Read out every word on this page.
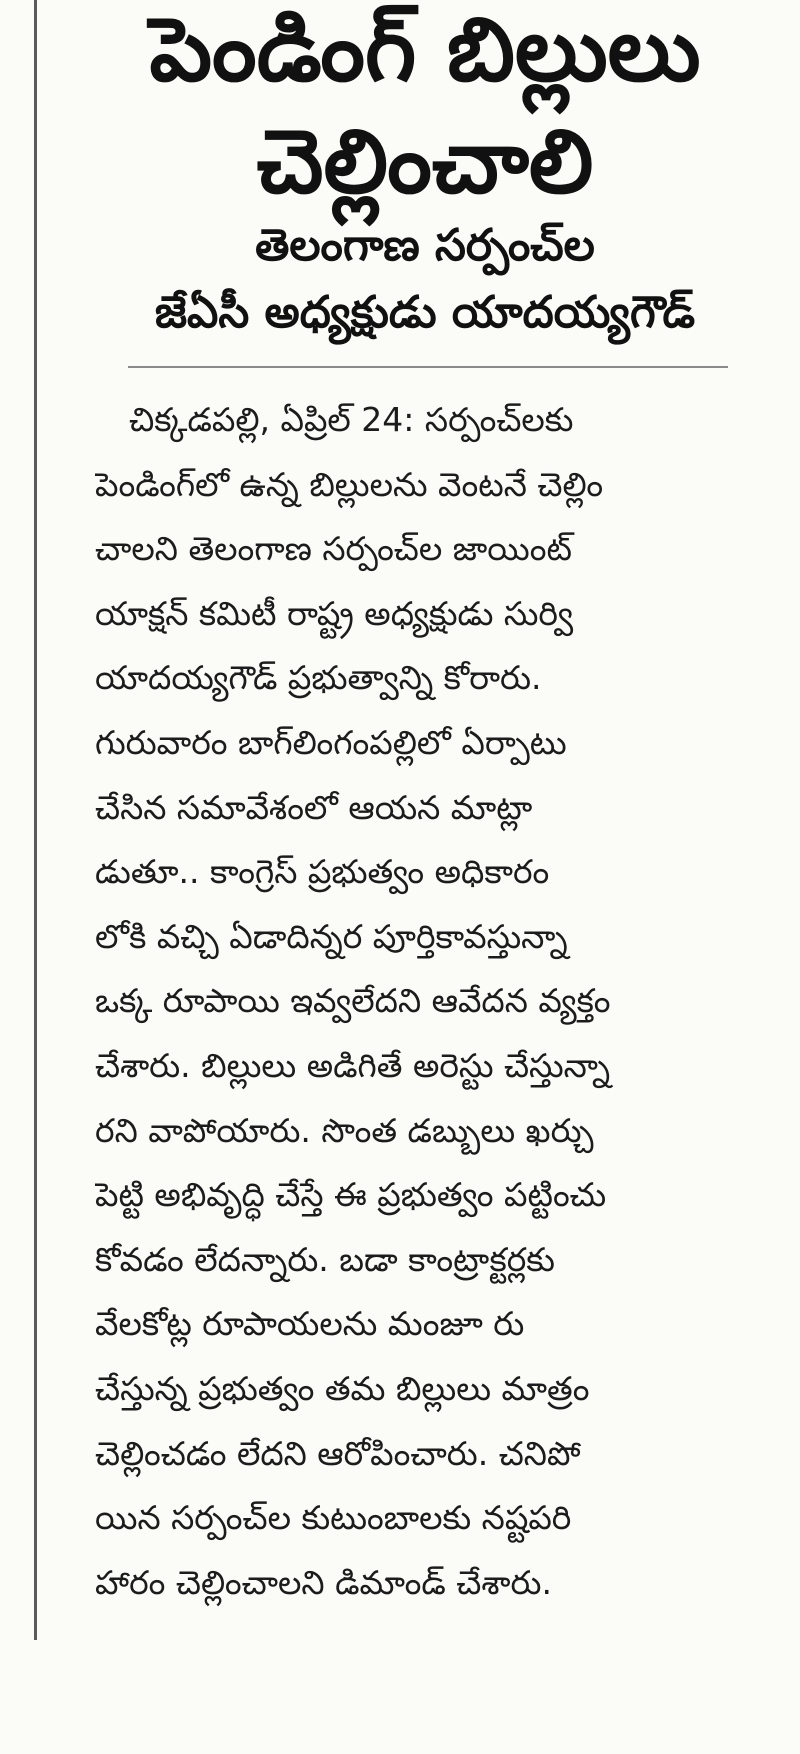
పెండింగ్ బిల్లులు
చెల్లించాలి
తెలంగాణ సర్పంచ్‌ల
జేఏసీ అధ్యక్షుడు యాదయ్యగౌడ్
చిక్కడపల్లి, ఏప్రిల్ 24: సర్పంచ్‌లకు
పెండింగ్‌లో ఉన్న బిల్లులను వెంటనే చెల్లిం
చాలని తెలంగాణ సర్పంచ్‌ల జాయింట్
యాక్షన్ కమిటీ రాష్ట్ర అధ్యక్షుడు సుర్వి
యాదయ్యగౌడ్ ప్రభుత్వాన్ని కోరారు.
గురువారం బాగ్‌లింగంపల్లిలో ఏర్పాటు
చేసిన సమావేశంలో ఆయన మాట్లా
డుతూ.. కాంగ్రెస్ ప్రభుత్వం అధికారం
లోకి వచ్చి ఏడాదిన్నర పూర్తికావస్తున్నా
ఒక్క రూపాయి ఇవ్వలేదని ఆవేదన వ్యక్తం
చేశారు. బిల్లులు అడిగితే అరెస్టు చేస్తున్నా
రని వాపోయారు. సొంత డబ్బులు ఖర్చు
పెట్టి అభివృద్ధి చేస్తే ఈ ప్రభుత్వం పట్టించు
కోవడం లేదన్నారు. బడా కాంట్రాక్టర్లకు
వేలకోట్ల రూపాయలను మంజూ రు
చేస్తున్న ప్రభుత్వం తమ బిల్లులు మాత్రం
చెల్లించడం లేదని ఆరోపించారు. చనిపో
యిన సర్పంచ్‌ల కుటుంబాలకు నష్టపరి
హారం చెల్లించాలని డిమాండ్ చేశారు.
